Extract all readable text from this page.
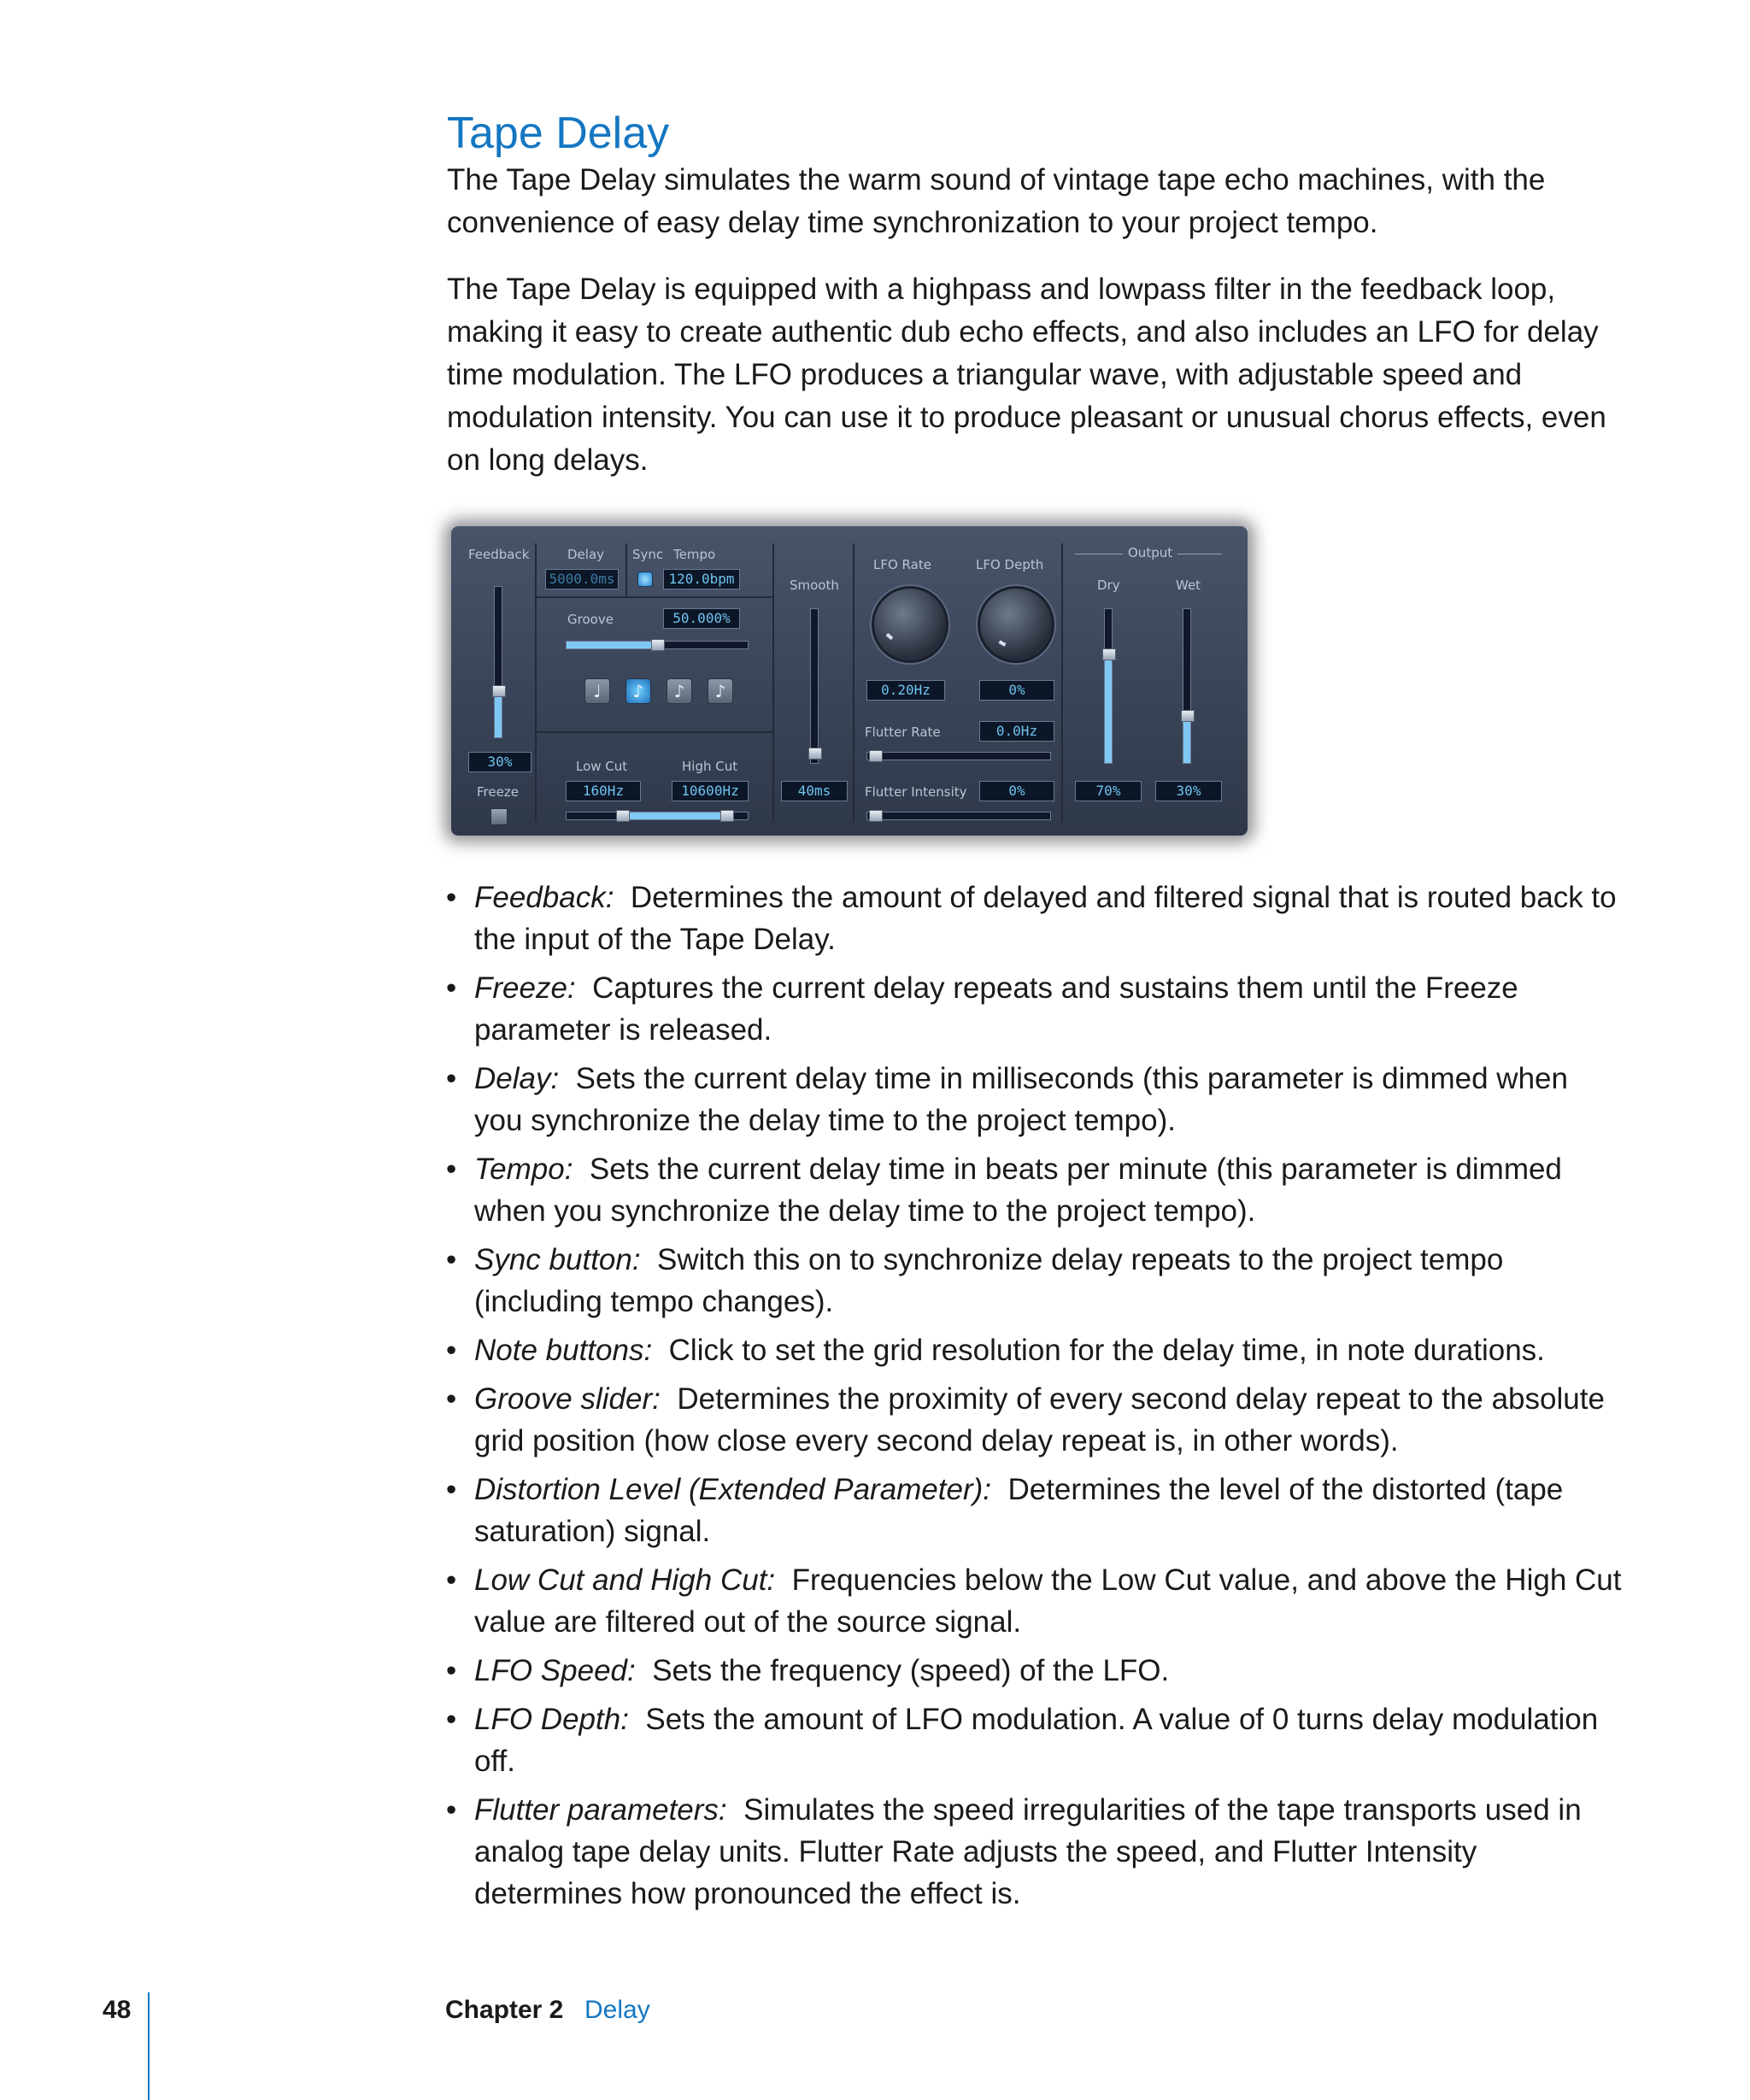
Tape Delay

The Tape Delay simulates the warm sound of vintage tape echo machines, with the convenience of easy delay time synchronization to your project tempo.

The Tape Delay is equipped with a highpass and lowpass filter in the feedback loop, making it easy to create authentic dub echo effects, and also includes an LFO for delay time modulation. The LFO produces a triangular wave, with adjustable speed and modulation intensity. You can use it to produce pleasant or unusual chorus effects, even on long delays.

Feedback
30%
Freeze
Delay
5000.0ms
Sync Tempo
120.0bpm
Groove	50.000%
♩	♪	♪	♪
Low Cut	High Cut
160Hz	10600Hz
Smooth
40ms
LFO Rate	LFO Depth
0.20Hz	0%
Flutter Rate	0.0Hz
Flutter Intensity	0%
Output
Dry	Wet
70%	30%
• Feedback: Determines the amount of delayed and filtered signal that is routed back to the input of the Tape Delay.
• Freeze: Captures the current delay repeats and sustains them until the Freeze parameter is released.
• Delay: Sets the current delay time in milliseconds (this parameter is dimmed when you synchronize the delay time to the project tempo).
• Tempo: Sets the current delay time in beats per minute (this parameter is dimmed when you synchronize the delay time to the project tempo).
• Sync button: Switch this on to synchronize delay repeats to the project tempo (including tempo changes).
• Note buttons: Click to set the grid resolution for the delay time, in note durations.
• Groove slider: Determines the proximity of every second delay repeat to the absolute grid position (how close every second delay repeat is, in other words).
• Distortion Level (Extended Parameter): Determines the level of the distorted (tape saturation) signal.
• Low Cut and High Cut: Frequencies below the Low Cut value, and above the High Cut value are filtered out of the source signal.
• LFO Speed: Sets the frequency (speed) of the LFO.
• LFO Depth: Sets the amount of LFO modulation. A value of 0 turns delay modulation off.
• Flutter parameters: Simulates the speed irregularities of the tape transports used in analog tape delay units. Flutter Rate adjusts the speed, and Flutter Intensity determines how pronounced the effect is.
48	Chapter 2 Delay
